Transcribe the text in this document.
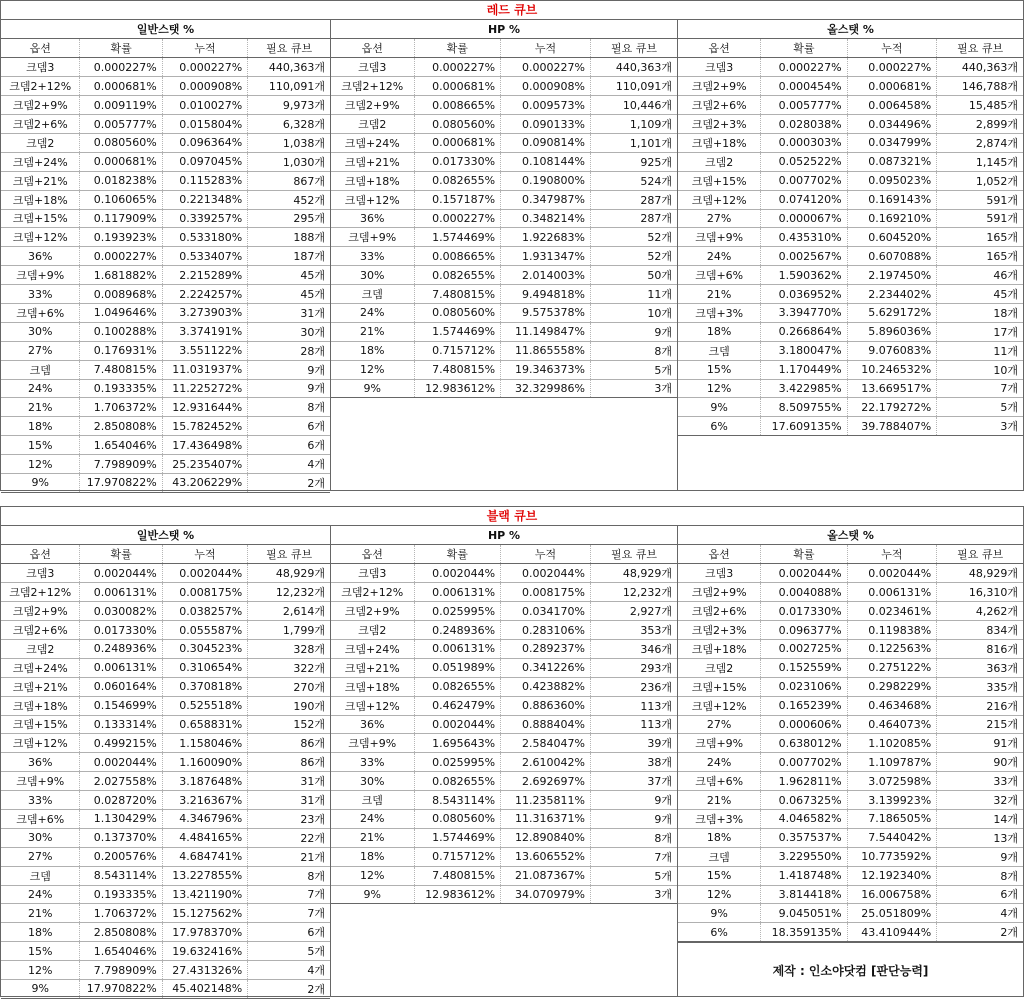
레드 큐브
일반스탯 %
옵션	확률	누적	필요 큐브
크뎀3	0.000227%	0.000227%	440,363개
크뎀2+12%	0.000681%	0.000908%	110,091개
크뎀2+9%	0.009119%	0.010027%	9,973개
크뎀2+6%	0.005777%	0.015804%	6,328개
크뎀2	0.080560%	0.096364%	1,038개
크뎀+24%	0.000681%	0.097045%	1,030개
크뎀+21%	0.018238%	0.115283%	867개
크뎀+18%	0.106065%	0.221348%	452개
크뎀+15%	0.117909%	0.339257%	295개
크뎀+12%	0.193923%	0.533180%	188개
36%	0.000227%	0.533407%	187개
크뎀+9%	1.681882%	2.215289%	45개
33%	0.008968%	2.224257%	45개
크뎀+6%	1.049646%	3.273903%	31개
30%	0.100288%	3.374191%	30개
27%	0.176931%	3.551122%	28개
크뎀	7.480815%	11.031937%	9개
24%	0.193335%	11.225272%	9개
21%	1.706372%	12.931644%	8개
18%	2.850808%	15.782452%	6개
15%	1.654046%	17.436498%	6개
12%	7.798909%	25.235407%	4개
9%	17.970822%	43.206229%	2개
HP %
옵션	확률	누적	필요 큐브
크뎀3	0.000227%	0.000227%	440,363개
크뎀2+12%	0.000681%	0.000908%	110,091개
크뎀2+9%	0.008665%	0.009573%	10,446개
크뎀2	0.080560%	0.090133%	1,109개
크뎀+24%	0.000681%	0.090814%	1,101개
크뎀+21%	0.017330%	0.108144%	925개
크뎀+18%	0.082655%	0.190800%	524개
크뎀+12%	0.157187%	0.347987%	287개
36%	0.000227%	0.348214%	287개
크뎀+9%	1.574469%	1.922683%	52개
33%	0.008665%	1.931347%	52개
30%	0.082655%	2.014003%	50개
크뎀	7.480815%	9.494818%	11개
24%	0.080560%	9.575378%	10개
21%	1.574469%	11.149847%	9개
18%	0.715712%	11.865558%	8개
12%	7.480815%	19.346373%	5개
9%	12.983612%	32.329986%	3개
올스탯 %
옵션	확률	누적	필요 큐브
크뎀3	0.000227%	0.000227%	440,363개
크뎀2+9%	0.000454%	0.000681%	146,788개
크뎀2+6%	0.005777%	0.006458%	15,485개
크뎀2+3%	0.028038%	0.034496%	2,899개
크뎀+18%	0.000303%	0.034799%	2,874개
크뎀2	0.052522%	0.087321%	1,145개
크뎀+15%	0.007702%	0.095023%	1,052개
크뎀+12%	0.074120%	0.169143%	591개
27%	0.000067%	0.169210%	591개
크뎀+9%	0.435310%	0.604520%	165개
24%	0.002567%	0.607088%	165개
크뎀+6%	1.590362%	2.197450%	46개
21%	0.036952%	2.234402%	45개
크뎀+3%	3.394770%	5.629172%	18개
18%	0.266864%	5.896036%	17개
크뎀	3.180047%	9.076083%	11개
15%	1.170449%	10.246532%	10개
12%	3.422985%	13.669517%	7개
9%	8.509755%	22.179272%	5개
6%	17.609135%	39.788407%	3개
블랙 큐브
일반스탯 %
옵션	확률	누적	필요 큐브
크뎀3	0.002044%	0.002044%	48,929개
크뎀2+12%	0.006131%	0.008175%	12,232개
크뎀2+9%	0.030082%	0.038257%	2,614개
크뎀2+6%	0.017330%	0.055587%	1,799개
크뎀2	0.248936%	0.304523%	328개
크뎀+24%	0.006131%	0.310654%	322개
크뎀+21%	0.060164%	0.370818%	270개
크뎀+18%	0.154699%	0.525518%	190개
크뎀+15%	0.133314%	0.658831%	152개
크뎀+12%	0.499215%	1.158046%	86개
36%	0.002044%	1.160090%	86개
크뎀+9%	2.027558%	3.187648%	31개
33%	0.028720%	3.216367%	31개
크뎀+6%	1.130429%	4.346796%	23개
30%	0.137370%	4.484165%	22개
27%	0.200576%	4.684741%	21개
크뎀	8.543114%	13.227855%	8개
24%	0.193335%	13.421190%	7개
21%	1.706372%	15.127562%	7개
18%	2.850808%	17.978370%	6개
15%	1.654046%	19.632416%	5개
12%	7.798909%	27.431326%	4개
9%	17.970822%	45.402148%	2개
HP %
옵션	확률	누적	필요 큐브
크뎀3	0.002044%	0.002044%	48,929개
크뎀2+12%	0.006131%	0.008175%	12,232개
크뎀2+9%	0.025995%	0.034170%	2,927개
크뎀2	0.248936%	0.283106%	353개
크뎀+24%	0.006131%	0.289237%	346개
크뎀+21%	0.051989%	0.341226%	293개
크뎀+18%	0.082655%	0.423882%	236개
크뎀+12%	0.462479%	0.886360%	113개
36%	0.002044%	0.888404%	113개
크뎀+9%	1.695643%	2.584047%	39개
33%	0.025995%	2.610042%	38개
30%	0.082655%	2.692697%	37개
크뎀	8.543114%	11.235811%	9개
24%	0.080560%	11.316371%	9개
21%	1.574469%	12.890840%	8개
18%	0.715712%	13.606552%	7개
12%	7.480815%	21.087367%	5개
9%	12.983612%	34.070979%	3개
올스탯 %
옵션	확률	누적	필요 큐브
크뎀3	0.002044%	0.002044%	48,929개
크뎀2+9%	0.004088%	0.006131%	16,310개
크뎀2+6%	0.017330%	0.023461%	4,262개
크뎀2+3%	0.096377%	0.119838%	834개
크뎀+18%	0.002725%	0.122563%	816개
크뎀2	0.152559%	0.275122%	363개
크뎀+15%	0.023106%	0.298229%	335개
크뎀+12%	0.165239%	0.463468%	216개
27%	0.000606%	0.464073%	215개
크뎀+9%	0.638012%	1.102085%	91개
24%	0.007702%	1.109787%	90개
크뎀+6%	1.962811%	3.072598%	33개
21%	0.067325%	3.139923%	32개
크뎀+3%	4.046582%	7.186505%	14개
18%	0.357537%	7.544042%	13개
크뎀	3.229550%	10.773592%	9개
15%	1.418748%	12.192340%	8개
12%	3.814418%	16.006758%	6개
9%	9.045051%	25.051809%	4개
6%	18.359135%	43.410944%	2개
제작 : 인소야닷컴 [판단능력]
